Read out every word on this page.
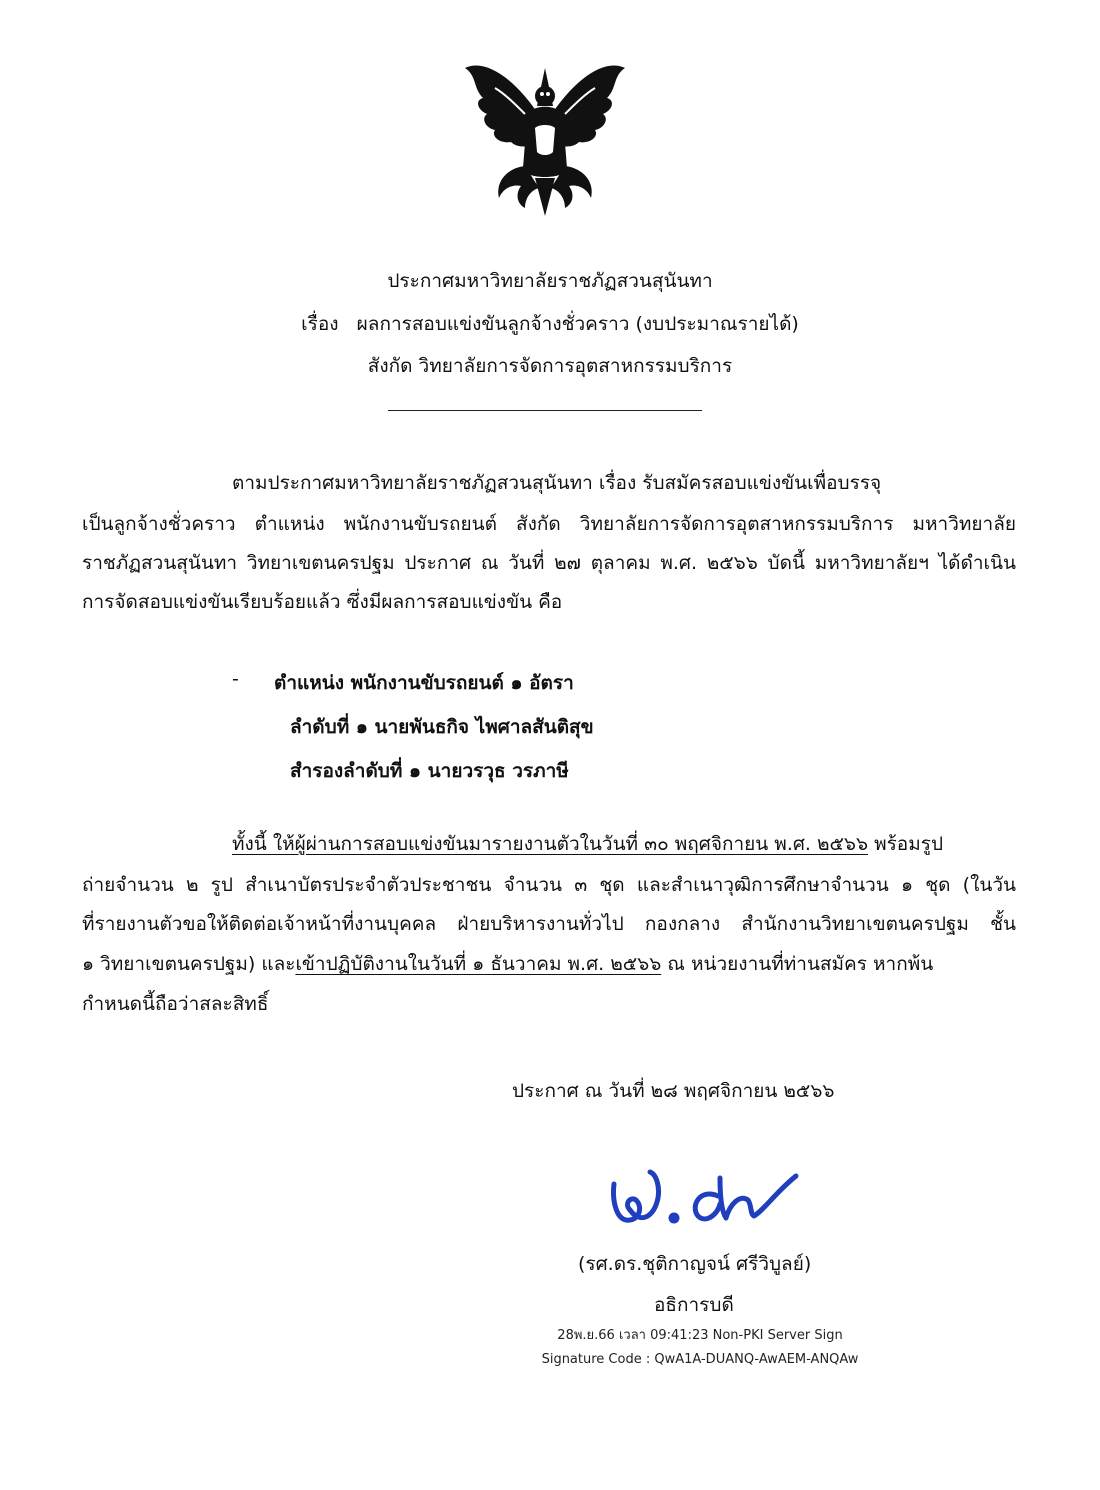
ประกาศมหาวิทยาลัยราชภัฏสวนสุนันทา
เรื่อง ผลการสอบแข่งขันลูกจ้างชั่วคราว (งบประมาณรายได้)
สังกัด วิทยาลัยการจัดการอุตสาหกรรมบริการ
ตามประกาศมหาวิทยาลัยราชภัฏสวนสุนันทา เรื่อง รับสมัครสอบแข่งขันเพื่อบรรจุ
เป็นลูกจ้างชั่วคราว ตำแหน่ง พนักงานขับรถยนต์ สังกัด วิทยาลัยการจัดการอุตสาหกรรมบริการ มหาวิทยาลัย
ราชภัฏสวนสุนันทา วิทยาเขตนครปฐม ประกาศ ณ วันที่ ๒๗ ตุลาคม พ.ศ. ๒๕๖๖ บัดนี้ มหาวิทยาลัยฯ ได้ดำเนิน
การจัดสอบแข่งขันเรียบร้อยแล้ว ซึ่งมีผลการสอบแข่งขัน คือ
- ตำแหน่ง พนักงานขับรถยนต์ ๑ อัตรา
ลำดับที่ ๑ นายพันธกิจ ไพศาลสันติสุข
สำรองลำดับที่ ๑ นายวรวุธ วรภาษี
ทั้งนี้ ให้ผู้ผ่านการสอบแข่งขันมารายงานตัวในวันที่ ๓๐ พฤศจิกายน พ.ศ. ๒๕๖๖ พร้อมรูป
ถ่ายจำนวน ๒ รูป สำเนาบัตรประจำตัวประชาชน จำนวน ๓ ชุด และสำเนาวุฒิการศึกษาจำนวน ๑ ชุด (ในวัน
ที่รายงานตัวขอให้ติดต่อเจ้าหน้าที่งานบุคคล ฝ่ายบริหารงานทั่วไป กองกลาง สำนักงานวิทยาเขตนครปฐม ชั้น
๑ วิทยาเขตนครปฐม) และเข้าปฏิบัติงานในวันที่ ๑ ธันวาคม พ.ศ. ๒๕๖๖ ณ หน่วยงานที่ท่านสมัคร หากพ้น
กำหนดนี้ถือว่าสละสิทธิ์
ประกาศ ณ วันที่ ๒๘ พฤศจิกายน ๒๕๖๖
(รศ.ดร.ชุติกาญจน์ ศรีวิบูลย์)
อธิการบดี
28พ.ย.66 เวลา 09:41:23 Non-PKI Server Sign
Signature Code : QwA1A-DUANQ-AwAEM-ANQAw
